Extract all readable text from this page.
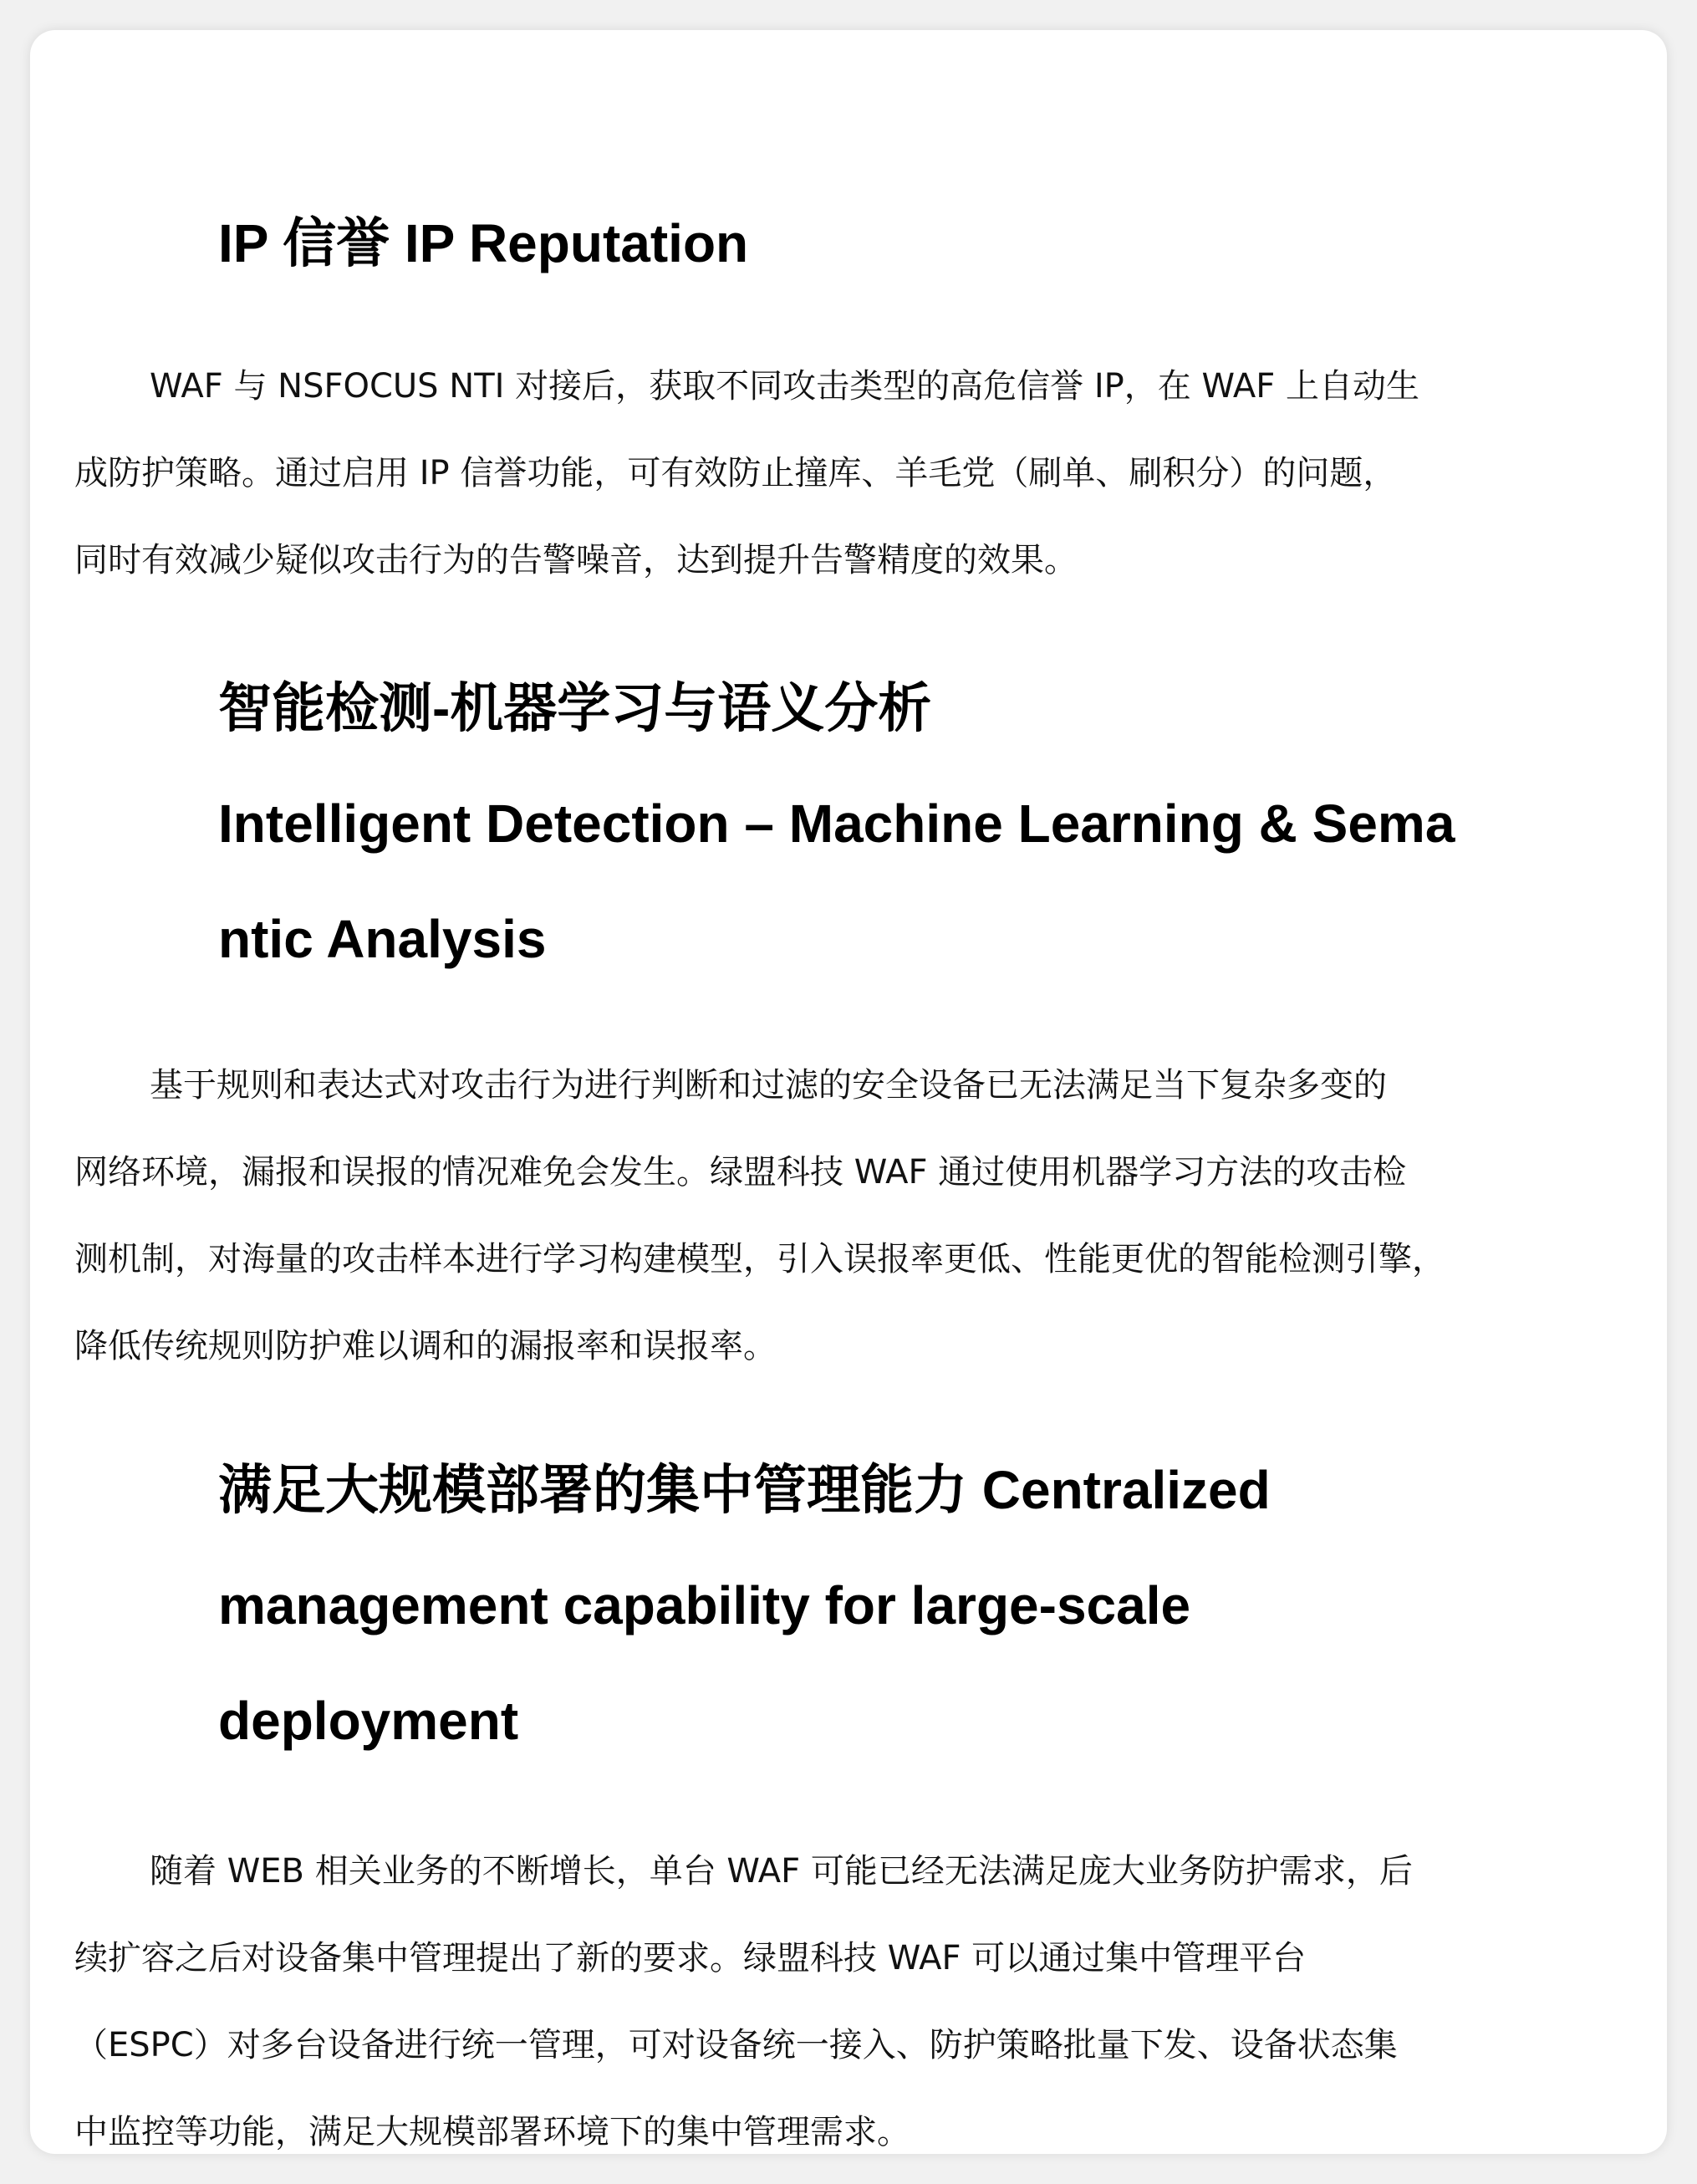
IP 信誉 IP Reputation
WAF 与 NSFOCUS NTI 对接后，获取不同攻击类型的高危信誉 IP，在 WAF 上自动生
成防护策略。通过启用 IP 信誉功能，可有效防止撞库、羊毛党（刷单、刷积分）的问题，
同时有效减少疑似攻击行为的告警噪音，达到提升告警精度的效果。
智能检测-机器学习与语义分析
Intelligent Detection – Machine Learning & Sema
ntic Analysis
基于规则和表达式对攻击行为进行判断和过滤的安全设备已无法满足当下复杂多变的
网络环境，漏报和误报的情况难免会发生。绿盟科技 WAF 通过使用机器学习方法的攻击检
测机制，对海量的攻击样本进行学习构建模型，引入误报率更低、性能更优的智能检测引擎，
降低传统规则防护难以调和的漏报率和误报率。
满足大规模部署的集中管理能力 Centralized
management capability for large-scale
deployment
随着 WEB 相关业务的不断增长，单台 WAF 可能已经无法满足庞大业务防护需求，后
续扩容之后对设备集中管理提出了新的要求。绿盟科技 WAF 可以通过集中管理平台
（ESPC）对多台设备进行统一管理，可对设备统一接入、防护策略批量下发、设备状态集
中监控等功能，满足大规模部署环境下的集中管理需求。
